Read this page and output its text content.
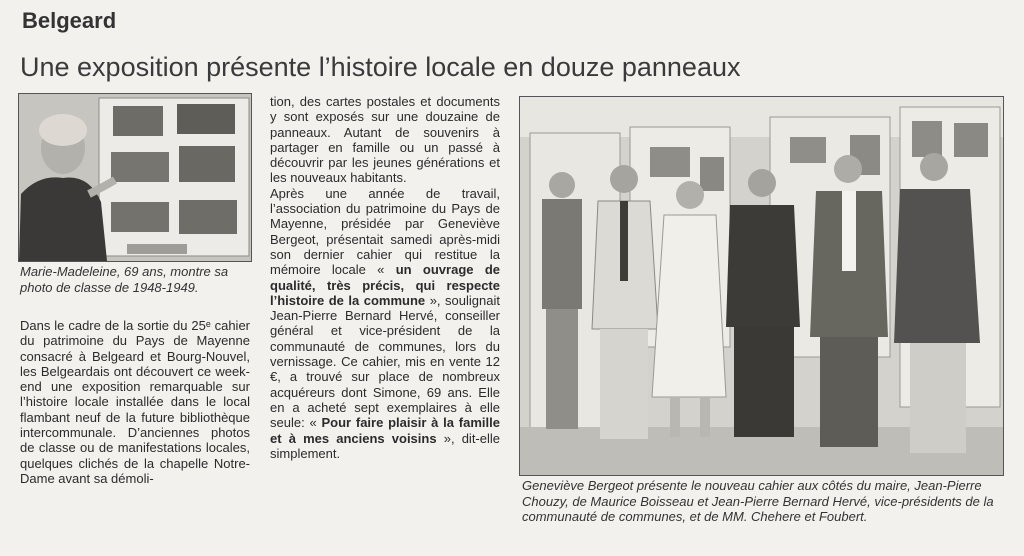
Belgeard
Une exposition présente l’histoire locale en douze panneaux

Marie-Madeleine, 69 ans, montre sa photo de classe de 1948-1949.

Dans le cadre de la sortie du 25ᵉ cahier du patrimoine du Pays de Mayenne consacré à Belgeard et Bourg-Nouvel, les Belgeardais ont découvert ce week-end une exposition remarquable sur l’histoire locale installée dans le local flambant neuf de la future bibliothèque intercommunale. D’anciennes photos de classe ou de manifestations locales, quelques clichés de la chapelle Notre-Dame avant sa démoli-

tion, des cartes postales et documents y sont exposés sur une douzaine de panneaux. Autant de souvenirs à partager en famille ou un passé à découvrir par les jeunes générations et les nouveaux habitants.

Après une année de travail, l’association du patrimoine du Pays de Mayenne, présidée par Geneviève Bergeot, présentait samedi après-midi son dernier cahier qui restitue la mémoire locale « un ouvrage de qualité, très précis, qui respecte l’histoire de la commune », soulignait Jean-Pierre Bernard Hervé, conseiller général et vice-président de la communauté de communes, lors du vernissage. Ce cahier, mis en vente 12 €, a trouvé sur place de nombreux acquéreurs dont Simone, 69 ans. Elle en a acheté sept exemplaires à elle seule: « Pour faire plaisir à la famille et à mes anciens voisins », dit-elle simplement.

Geneviève Bergeot présente le nouveau cahier aux côtés du maire, Jean-Pierre Chouzy, de Maurice Boisseau et Jean-Pierre Bernard Hervé, vice-présidents de la communauté de communes, et de MM. Chehere et Foubert.
